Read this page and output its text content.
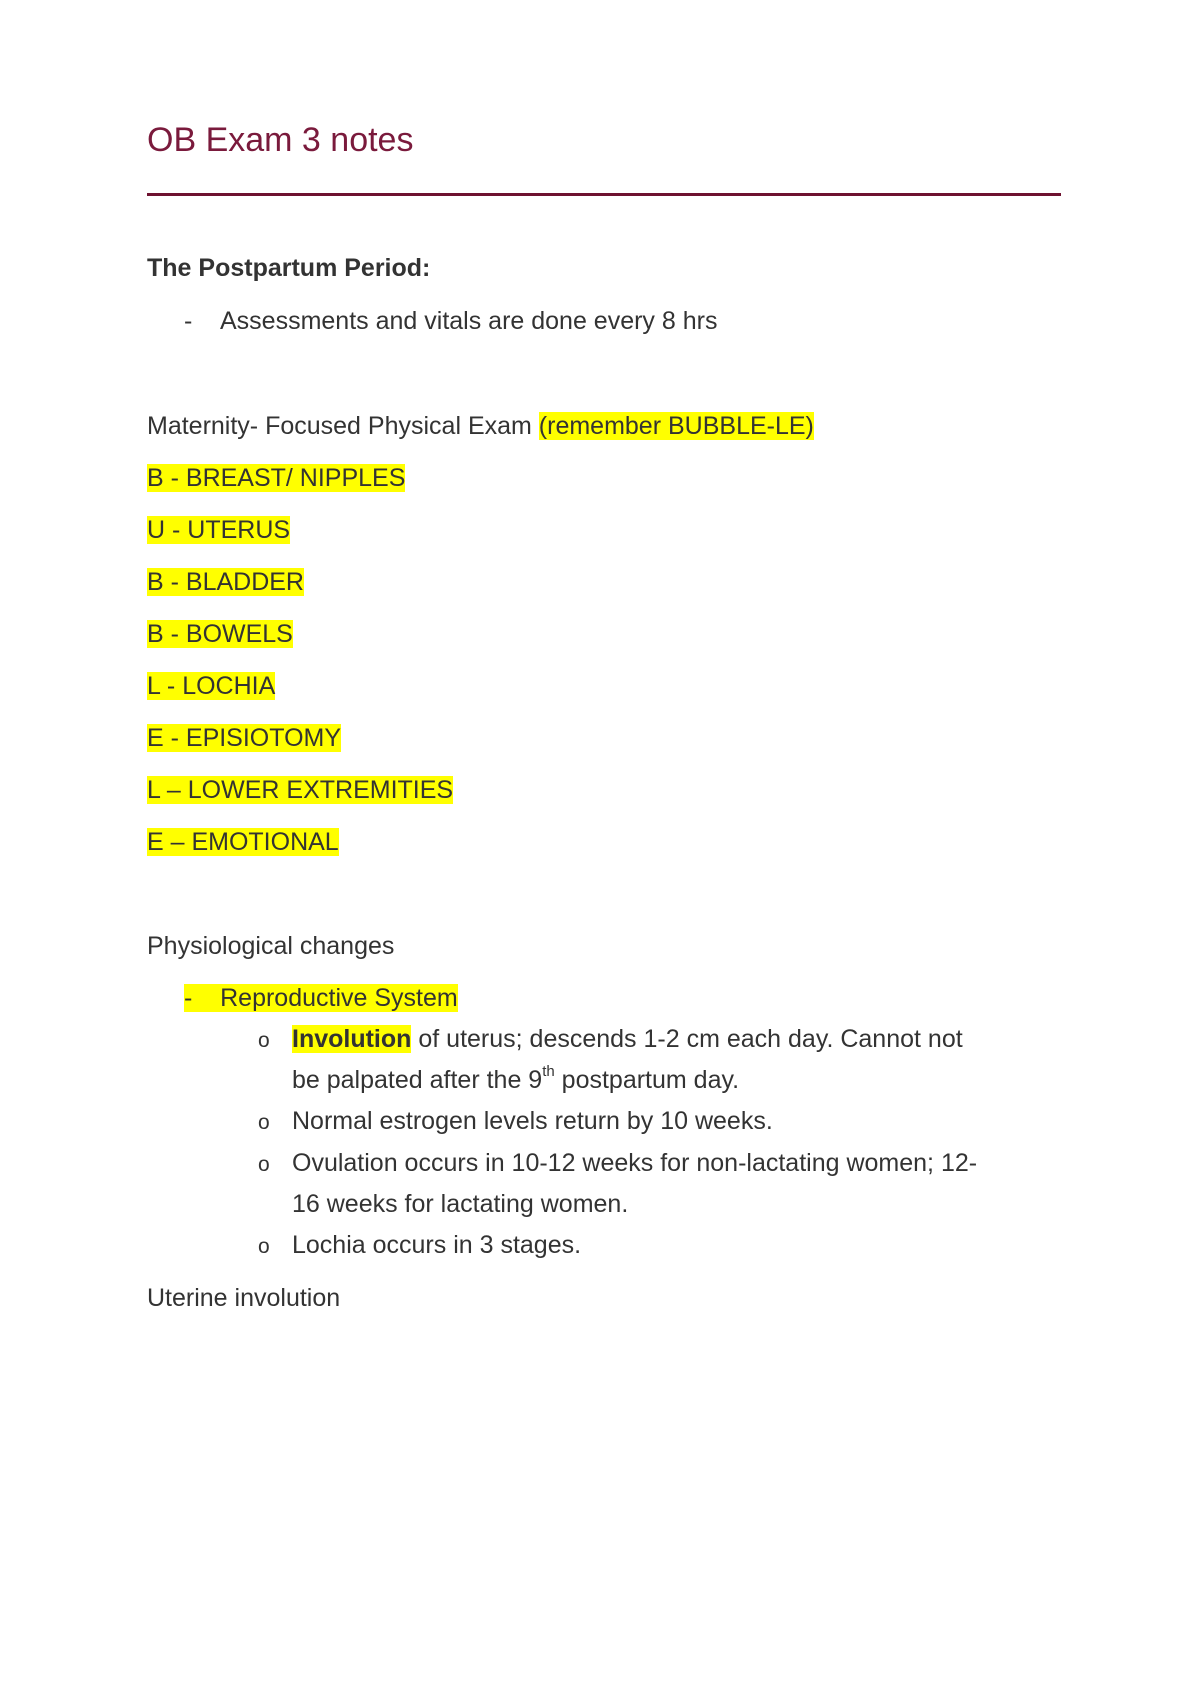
OB Exam 3 notes
The Postpartum Period:
- Assessments and vitals are done every 8 hrs
Maternity- Focused Physical Exam (remember BUBBLE-LE)
B - BREAST/ NIPPLES
U - UTERUS
B - BLADDER
B - BOWELS
L - LOCHIA
E - EPISIOTOMY
L – LOWER EXTREMITIES
E – EMOTIONAL
Physiological changes
- Reproductive System
o Involution of uterus; descends 1-2 cm each day. Cannot not
be palpated after the 9th postpartum day.
o Normal estrogen levels return by 10 weeks.
o Ovulation occurs in 10-12 weeks for non-lactating women; 12-
16 weeks for lactating women.
o Lochia occurs in 3 stages.
Uterine involution
